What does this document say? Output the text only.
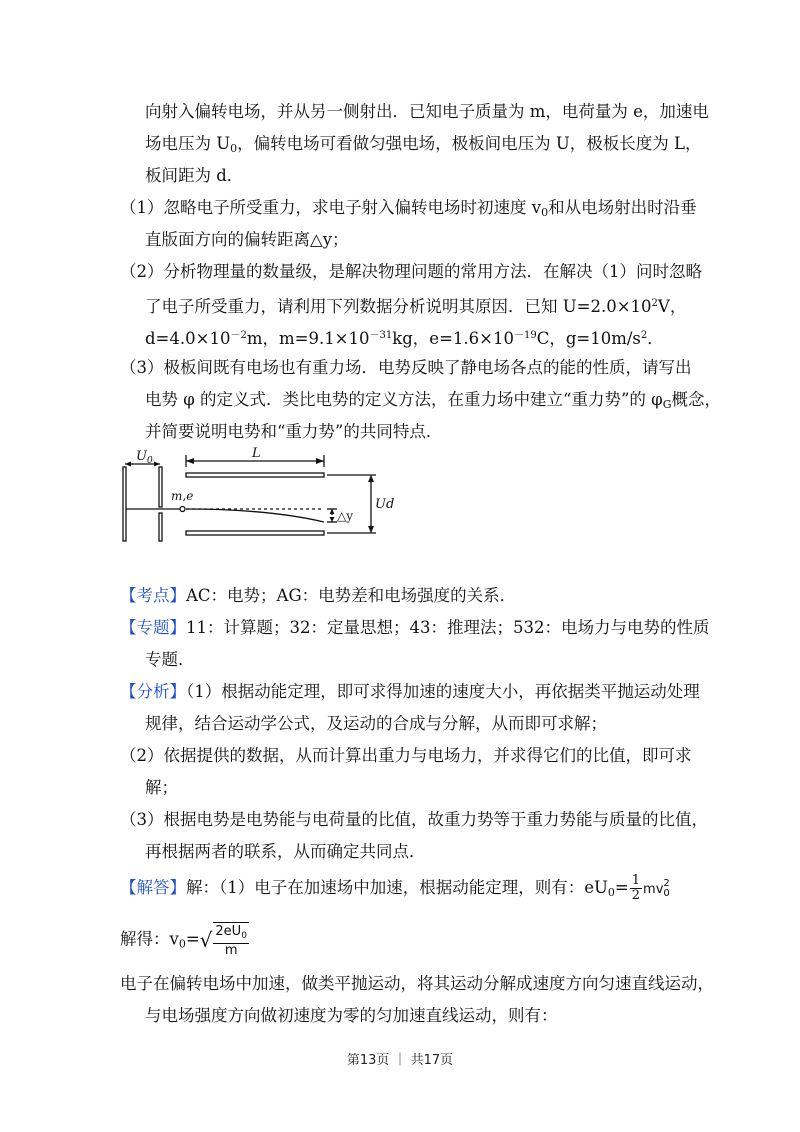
向射入偏转电场，并从另一侧射出．已知电子质量为 m，电荷量为 e，加速电
场电压为 $U_0$，偏转电场可看做匀强电场，极板间电压为 U，极板长度为 L，
板间距为 d．
（1）忽略电子所受重力，求电子射入偏转电场时初速度 $v_0$和从电场射出时沿垂
直版面方向的偏转距离△y；
（2）分析物理量的数量级，是解决物理问题的常用方法．在解决（1）问时忽略
了电子所受重力，请利用下列数据分析说明其原因．已知 $U=2.0\times 10^2V$，
$d=4.0\times 10^{-2}m$，$m=9.1\times 10^{-31}kg$，$e=1.6\times 10^{-19}C$，$g=10m/s^2$．
（3）极板间既有电场也有重力场．电势反映了静电场各点的能的性质，请写出
电势 φ 的定义式．类比电势的定义方法，在重力场中建立“重力势”的 $\varphi_G$概念，
并简要说明电势和“重力势”的共同特点．
$U_0$	L
m,e
△y
Ud
【考点】AC：电势；AG：电势差和电场强度的关系．
【专题】11：计算题；32：定量思想；43：推理法；532：电场力与电势的性质
专题．
【分析】（1）根据动能定理，即可求得加速的速度大小，再依据类平抛运动处理
规律，结合运动学公式，及运动的合成与分解，从而即可求解；
（2）依据提供的数据，从而计算出重力与电场力，并求得它们的比值，即可求
解；
（3）根据电势是电势能与电荷量的比值，故重力势等于重力势能与质量的比值，
再根据两者的联系，从而确定共同点．
【解答】解：（1）电子在加速场中加速，根据动能定理，则有：$eU_0= \frac{1}{2}$ mv 2
0
解得：$v_0=√ \frac{2eU_0}{m}$
电子在偏转电场中加速，做类平抛运动，将其运动分解成速度方向匀速直线运动，
与电场强度方向做初速度为零的匀加速直线运动，则有：
第13页 ｜ 共17页
